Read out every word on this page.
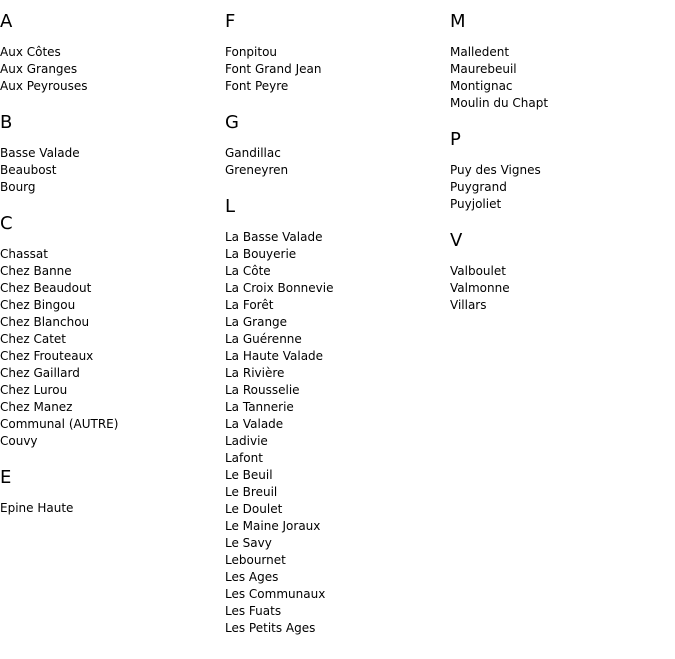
A
Aux Côtes
Aux Granges
Aux Peyrouses
B
Basse Valade
Beaubost
Bourg
C
Chassat
Chez Banne
Chez Beaudout
Chez Bingou
Chez Blanchou
Chez Catet
Chez Frouteaux
Chez Gaillard
Chez Lurou
Chez Manez
Communal (AUTRE)
Couvy
E
Epine Haute
F
Fonpitou
Font Grand Jean
Font Peyre
G
Gandillac
Greneyren
L
La Basse Valade
La Bouyerie
La Côte
La Croix Bonnevie
La Forêt
La Grange
La Guérenne
La Haute Valade
La Rivière
La Rousselie
La Tannerie
La Valade
Ladivie
Lafont
Le Beuil
Le Breuil
Le Doulet
Le Maine Joraux
Le Savy
Lebournet
Les Ages
Les Communaux
Les Fuats
Les Petits Ages
M
Malledent
Maurebeuil
Montignac
Moulin du Chapt
P
Puy des Vignes
Puygrand
Puyjoliet
V
Valboulet
Valmonne
Villars
